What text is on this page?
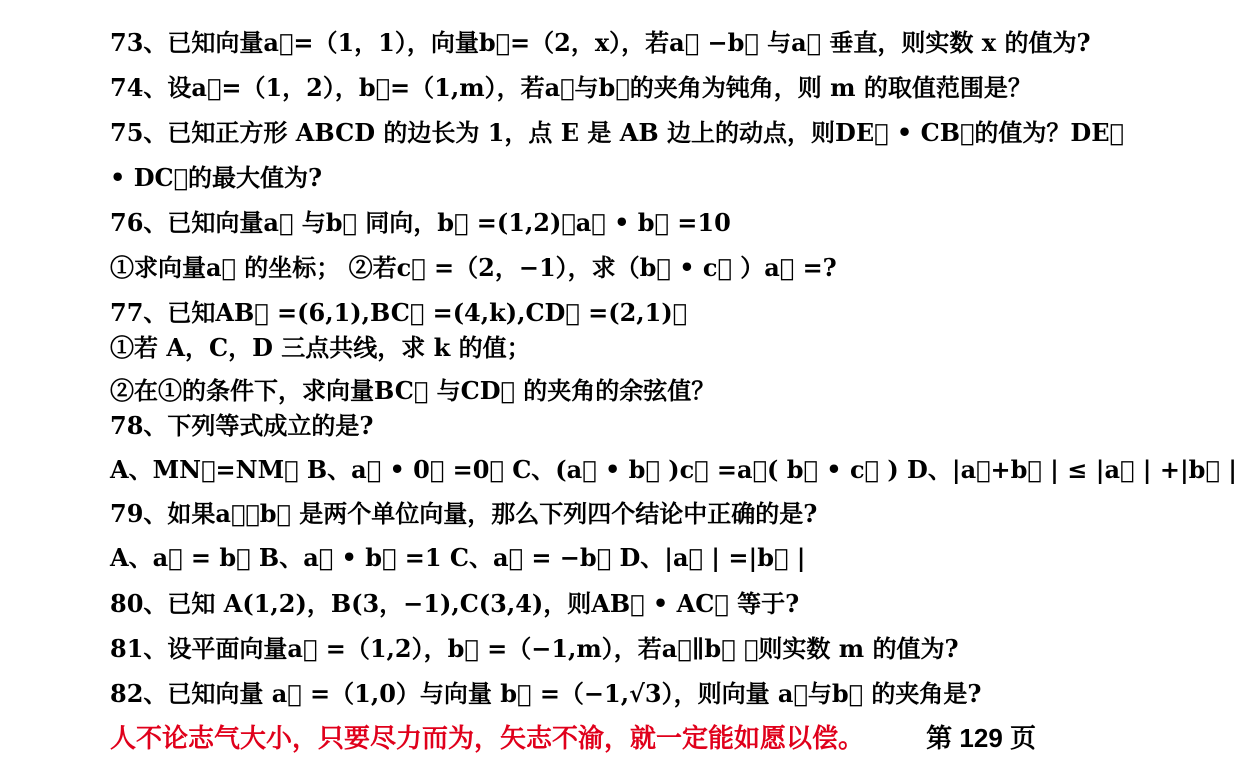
73、已知向量a⃗=（1，1），向量b⃗=（2，x），若a⃗ −b⃗ 与a⃗ 垂直，则实数 x 的值为?
74、设a⃗=（1，2），b⃗=（1,m），若a⃗与b⃗的夹角为钝角，则 m 的取值范围是？
75、已知正方形 ABCD 的边长为 1，点 E 是 AB 边上的动点，则DE⃗ • CB⃗的值为？DE⃗
• DC⃗的最大值为?
76、已知向量a⃗ 与b⃗ 同向，b⃗ =(1,2)，a⃗ • b⃗ =10
①求向量a⃗ 的坐标； ②若c⃗ =（2，−1），求（b⃗ • c⃗ ）a⃗ =?
77、已知AB⃗ =(6,1),BC⃗ =(4,k),CD⃗ =(2,1)：
①若 A，C，D 三点共线，求 k 的值；
②在①的条件下，求向量BC⃗ 与CD⃗ 的夹角的余弦值？
78、下列等式成立的是?
A、MN⃗=NM⃗ B、a⃗ • 0⃗ =0⃗ C、(a⃗ • b⃗ )c⃗ =a⃗( b⃗ • c⃗ ) D、|a⃗+b⃗ | ≤ |a⃗ | +|b⃗ |
79、如果a⃗，b⃗ 是两个单位向量，那么下列四个结论中正确的是?
A、a⃗ = b⃗ B、a⃗ • b⃗ =1 C、a⃗ = −b⃗ D、|a⃗ | =|b⃗ |
80、已知 A(1,2)，B(3，−1),C(3,4)，则AB⃗ • AC⃗ 等于?
81、设平面向量a⃗ =（1,2），b⃗ =（−1,m），若a⃗∥b⃗ ，则实数 m 的值为?
82、已知向量 a⃗ =（1,0）与向量 b⃗ =（−1,√3），则向量 a⃗与b⃗ 的夹角是?
人不论志气大小，只要尽力而为，矢志不渝，就一定能如愿以偿。 第 129 页
